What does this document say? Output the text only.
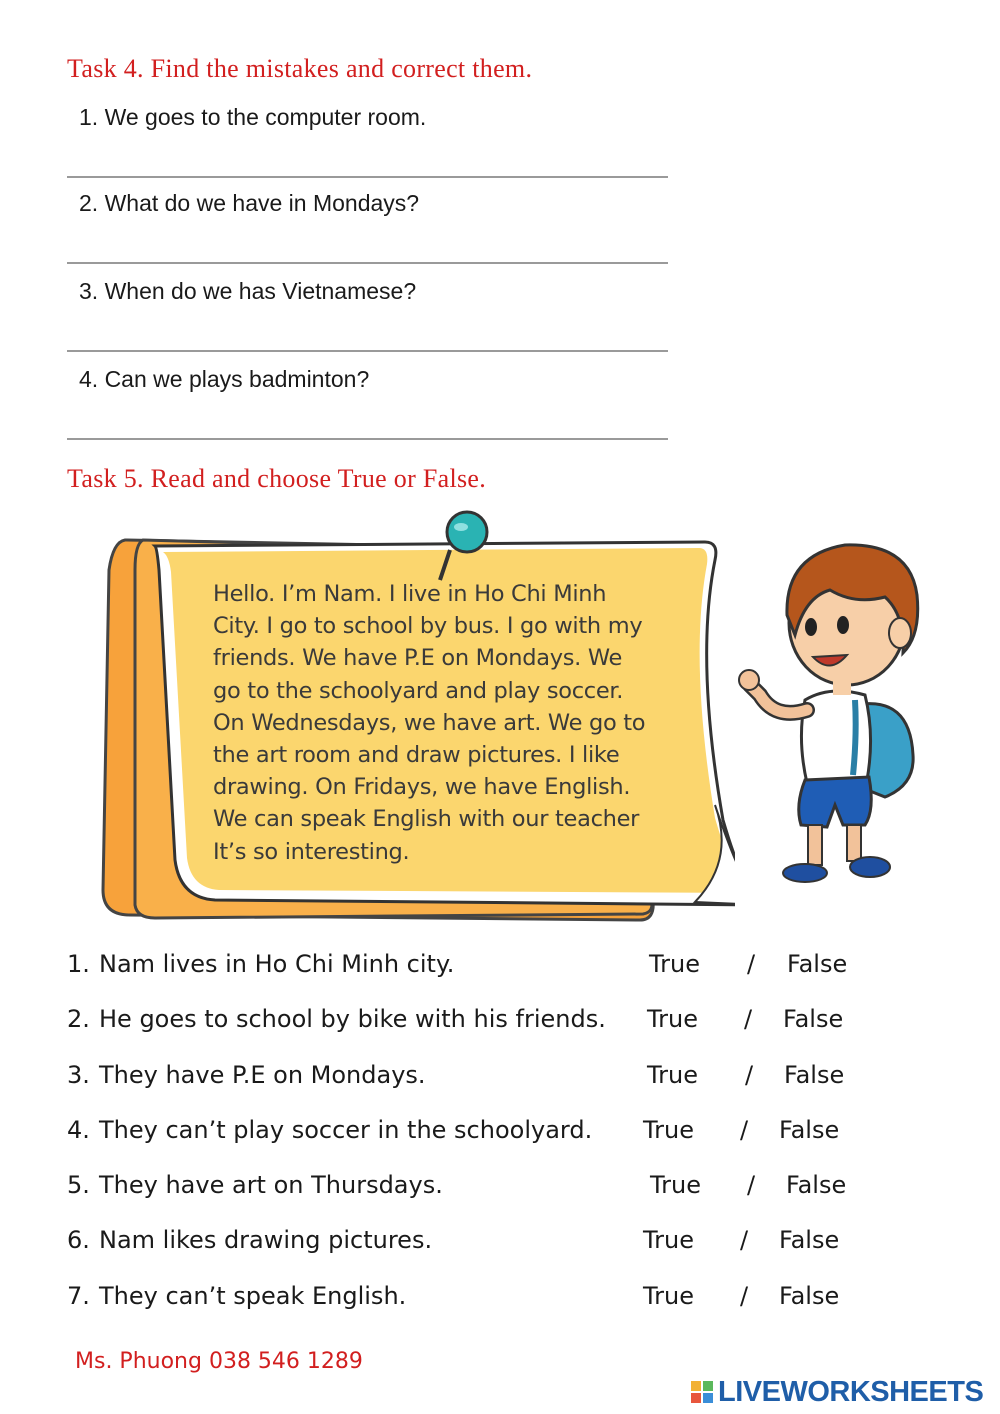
Task 4. Find the mistakes and correct them.
1. We goes to the computer room.
2. What do we have in Mondays?
3. When do we has Vietnamese?
4. Can we plays badminton?
Task 5. Read and choose True or False.
Hello. I’m Nam. I live in Ho Chi Minh
City. I go to school by bus. I go with my
friends. We have P.E on Mondays. We
go to the schoolyard and play soccer.
On Wednesdays, we have art. We go to
the art room and draw pictures. I like
drawing. On Fridays, we have English.
We can speak English with our teacher
It’s so interesting.
1. Nam lives in Ho Chi Minh city.	True / False
2. He goes to school by bike with his friends. True / False
3. They have P.E on Mondays.	True / False
4. They can’t play soccer in the schoolyard. True / False
5. They have art on Thursdays.	True / False
6. Nam likes drawing pictures.	True / False
7. They can’t speak English.	True / False
Ms. Phuong 038 546 1289
LIVEWORKSHEETS
